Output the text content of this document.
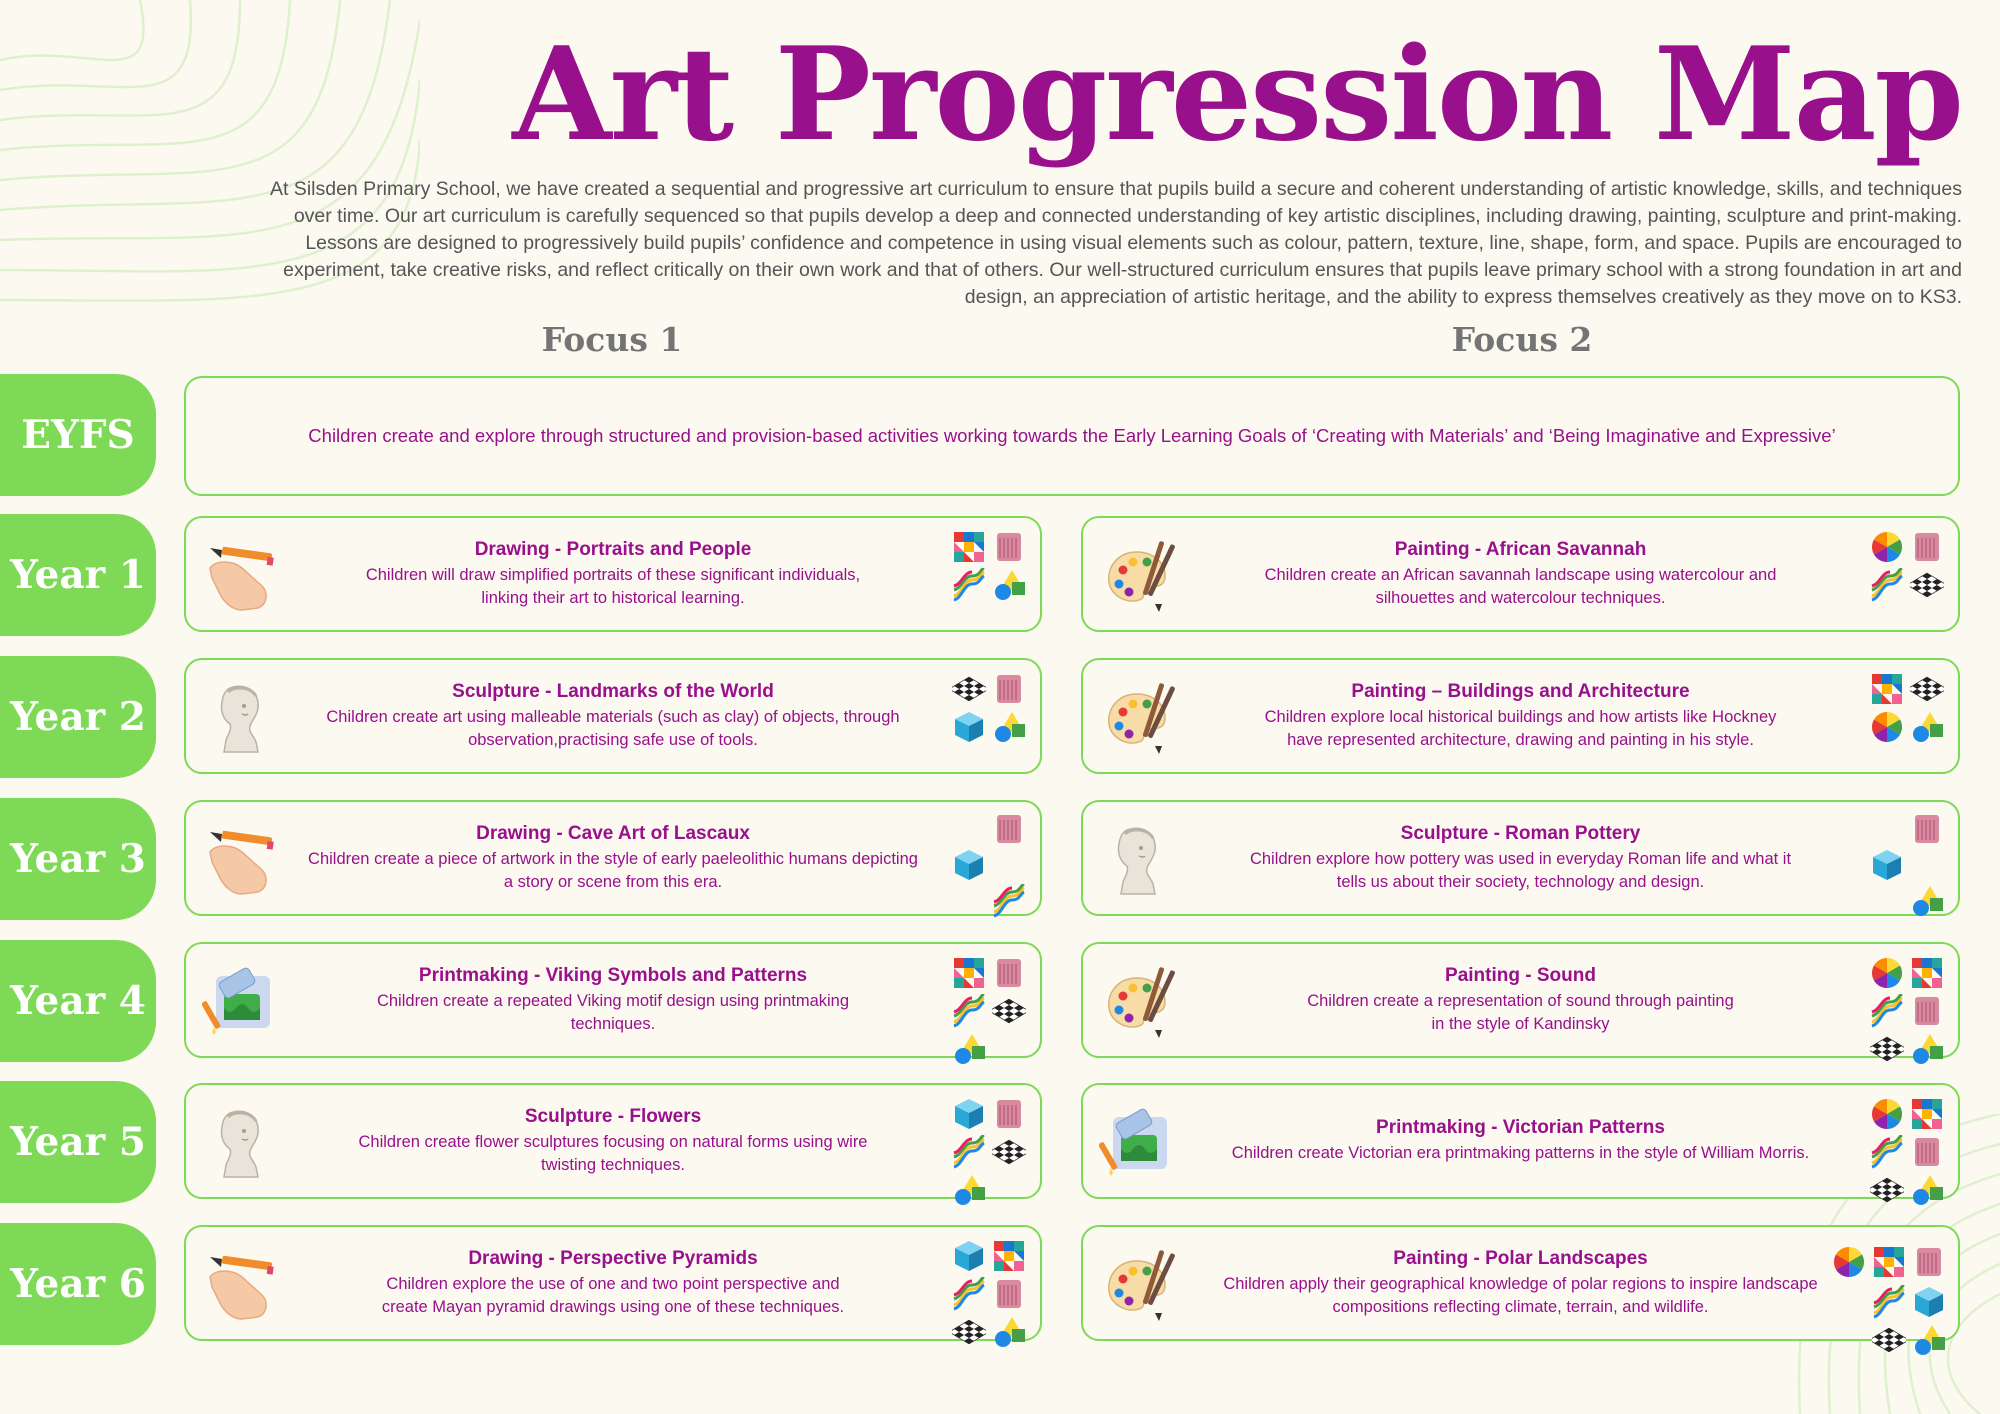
Art Progression Map

At Silsden Primary School, we have created a sequential and progressive art curriculum to ensure that pupils build a secure and coherent understanding of artistic knowledge, skills, and techniques over time. Our art curriculum is carefully sequenced so that pupils develop a deep and connected understanding of key artistic disciplines, including drawing, painting, sculpture and print-making. Lessons are designed to progressively build pupils’ confidence and competence in using visual elements such as colour, pattern, texture, line, shape, form, and space. Pupils are encouraged to experiment, take creative risks, and reflect critically on their own work and that of others. Our well-structured curriculum ensures that pupils leave primary school with a strong foundation in art and design, an appreciation of artistic heritage, and the ability to express themselves creatively as they move on to KS3.

Focus 1	Focus 2
EYFS	Children create and explore through structured and provision-based activities working towards the Early Learning Goals of ‘Creating with Materials’ and ‘Being Imaginative and Expressive’
Year 1
Drawing - Portraits and People
Children will draw simplified portraits of these significant individuals,
linking their art to historical learning.
Painting - African Savannah
Children create an African savannah landscape using watercolour and
silhouettes and watercolour techniques.
Year 2
Sculpture - Landmarks of the World
Children create art using malleable materials (such as clay) of objects, through
observation,practising safe use of tools.
Painting – Buildings and Architecture
Children explore local historical buildings and how artists like Hockney
have represented architecture, drawing and painting in his style.
Year 3
Drawing - Cave Art of Lascaux
Children create a piece of artwork in the style of early paeleolithic humans depicting
a story or scene from this era.
Sculpture - Roman Pottery
Children explore how pottery was used in everyday Roman life and what it
tells us about their society, technology and design.
Year 4
Printmaking - Viking Symbols and Patterns
Children create a repeated Viking motif design using printmaking
techniques.
Painting - Sound
Children create a representation of sound through painting
in the style of Kandinsky
Year 5
Sculpture - Flowers
Children create flower sculptures focusing on natural forms using wire
twisting techniques.
Printmaking - Victorian Patterns
Children create Victorian era printmaking patterns in the style of William Morris.
Year 6
Drawing - Perspective Pyramids
Children explore the use of one and two point perspective and
create Mayan pyramid drawings using one of these techniques.
Painting - Polar Landscapes
Children apply their geographical knowledge of polar regions to inspire landscape
compositions reflecting climate, terrain, and wildlife.
